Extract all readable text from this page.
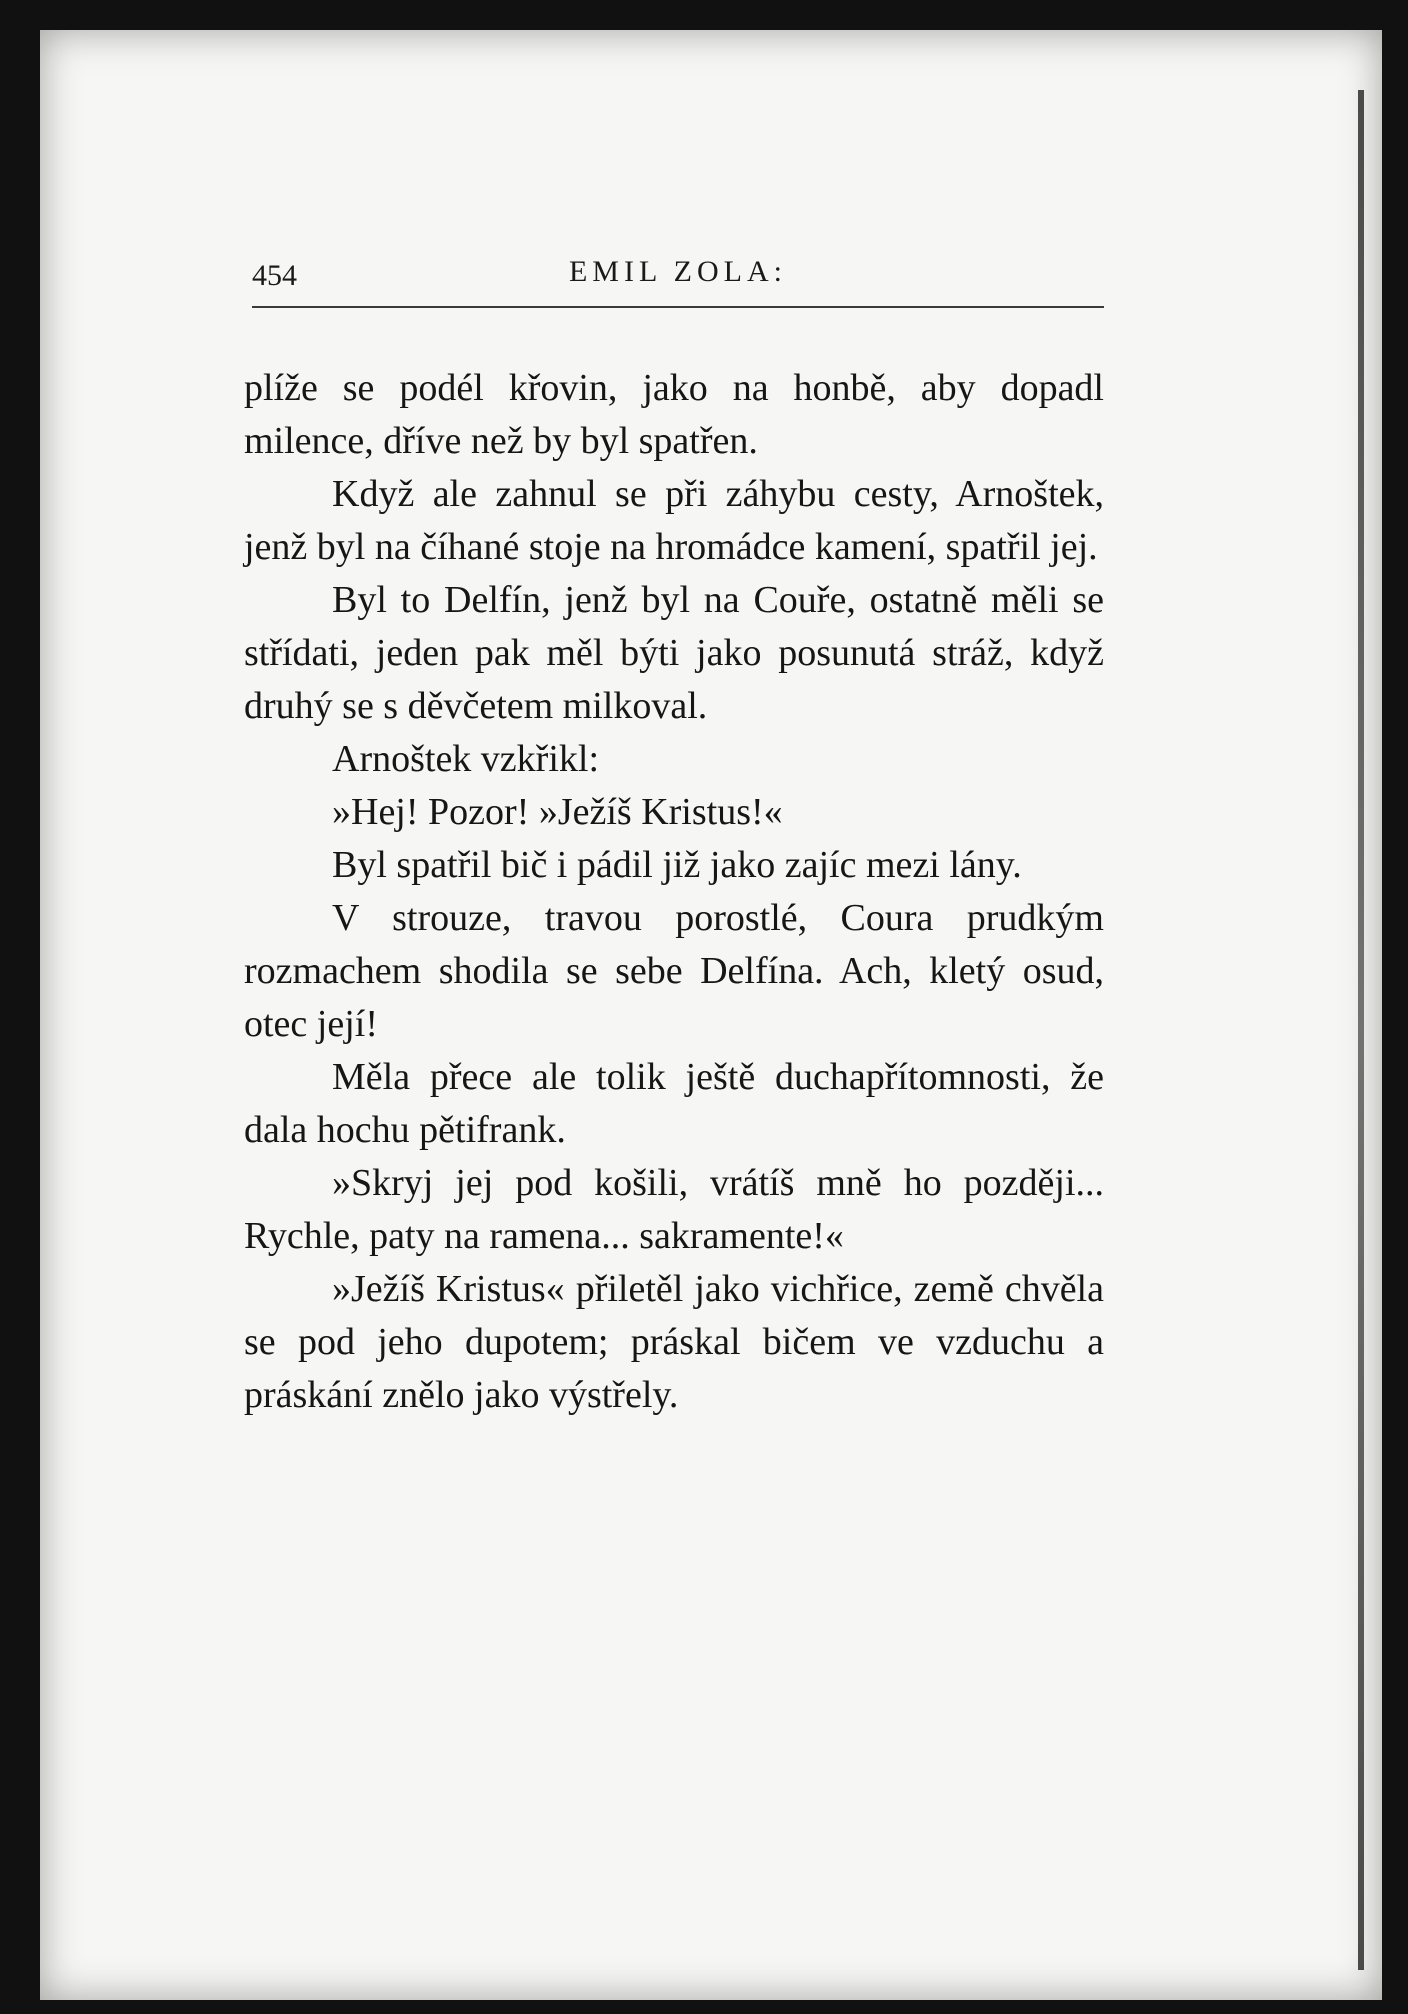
454	EMIL ZOLA:

plíže se podél křovin, jako na honbě, aby dopadl milence, dříve než by byl spatřen.

Když ale zahnul se při záhybu cesty, Arnoštek, jenž byl na číhané stoje na hromádce kamení, spatřil jej.

Byl to Delfín, jenž byl na Couře, ostatně měli se střídati, jeden pak měl býti jako posunutá stráž, když druhý se s děvčetem milkoval.

Arnoštek vzkřikl:

»Hej! Pozor! »Ježíš Kristus!«

Byl spatřil bič i pádil již jako zajíc mezi lány.

V strouze, travou porostlé, Coura prudkým rozmachem shodila se sebe Delfína. Ach, kletý osud, otec její!

Měla přece ale tolik ještě duchapřítomnosti, že dala hochu pětifrank.

»Skryj jej pod košili, vrátíš mně ho později... Rychle, paty na ramena... sakramente!«

»Ježíš Kristus« přiletěl jako vichřice, země chvěla se pod jeho dupotem; práskal bičem ve vzduchu a práskání znělo jako výstřely.
